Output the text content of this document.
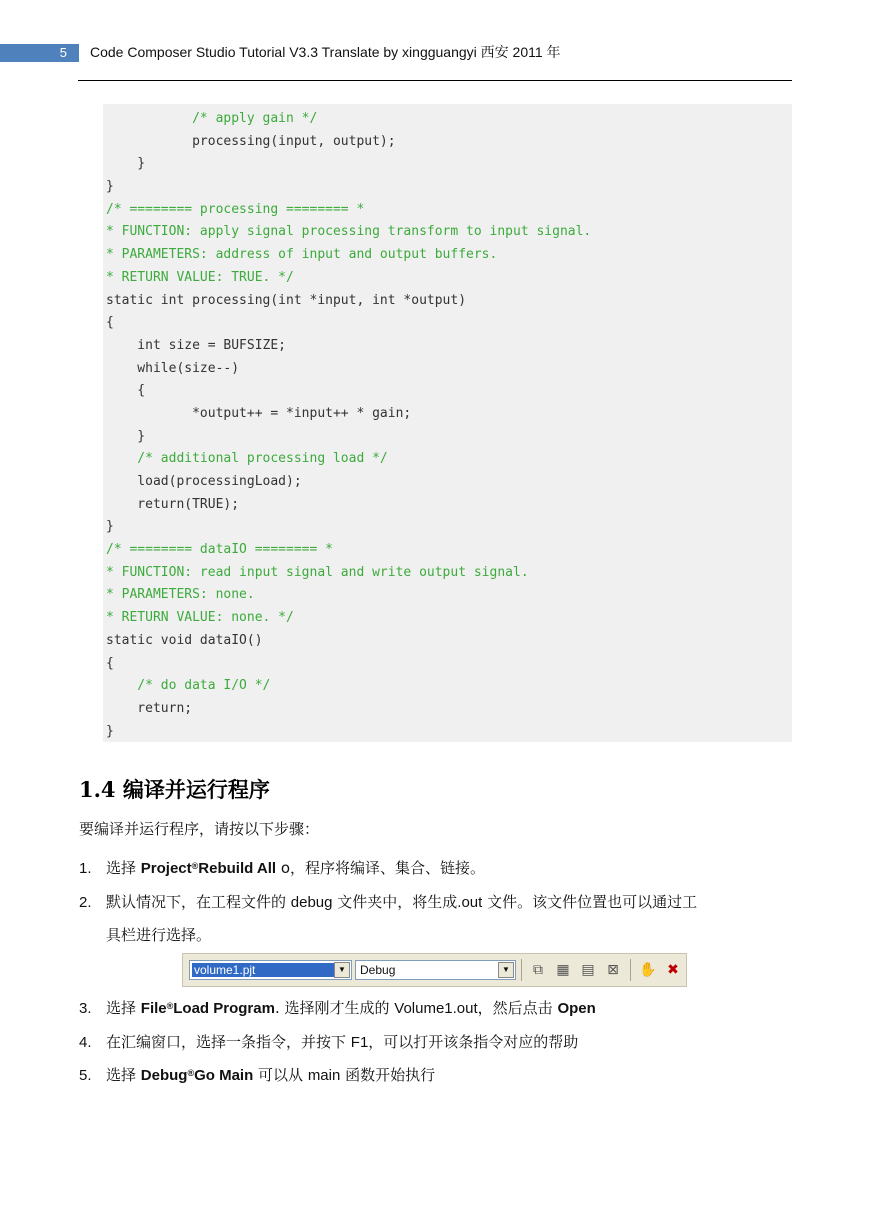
5	Code Composer Studio Tutorial V3.3 Translate by xingguangyi 西安 2011 年
/* apply gain */
processing(input, output);
}
}
/* ======== processing ======== *
* FUNCTION: apply signal processing transform to input signal.
* PARAMETERS: address of input and output buffers.
* RETURN VALUE: TRUE. */
static int processing(int *input, int *output)
{
int size = BUFSIZE;
while(size--)
{
*output++ = *input++ * gain;
}
/* additional processing load */
load(processingLoad);
return(TRUE);
}
/* ======== dataIO ======== *
* FUNCTION: read input signal and write output signal.
* PARAMETERS: none.
* RETURN VALUE: none. */
static void dataIO()
{
/* do data I/O */
return;
}
1.4 编译并运行程序
要编译并运行程序，请按以下步骤：
1. 选择 Project®Rebuild All o，程序将编译、集合、链接。
2. 默认情况下，在工程文件的 debug 文件夹中，将生成.out 文件。该文件位置也可以通过工
具栏进行选择。
volume1.pjt	▼	Debug	▼ ⧉ ▦ ▤ ⊠ ✋ ✖
3. 选择 File®Load Program. 选择刚才生成的 Volume1.out，然后点击 Open
4. 在汇编窗口，选择一条指令，并按下 F1，可以打开该条指令对应的帮助
5. 选择 Debug®Go Main 可以从 main 函数开始执行
